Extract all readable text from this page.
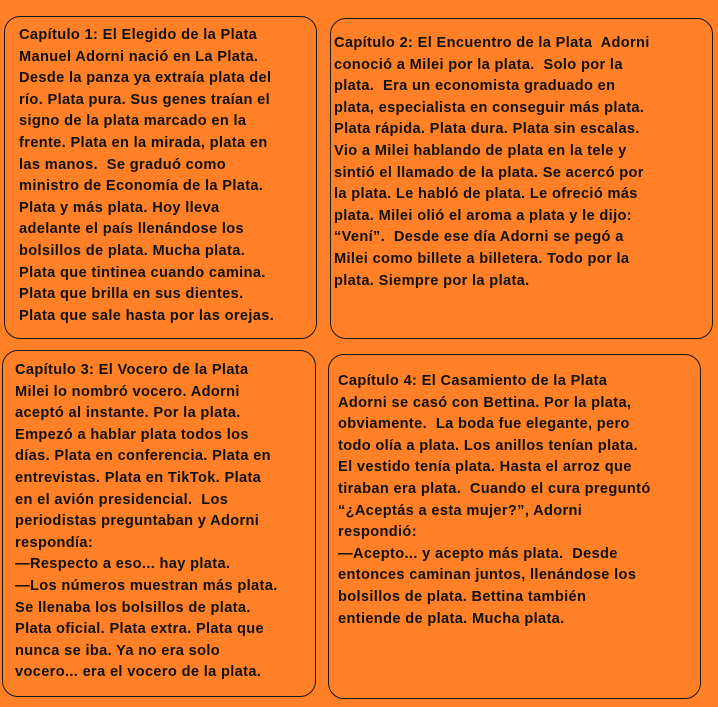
Capítulo 1: El Elegido de la Plata
Manuel Adorni nació en La Plata.
Desde la panza ya extraía plata del
río. Plata pura. Sus genes traían el
signo de la plata marcado en la
frente. Plata en la mirada, plata en
las manos.  Se graduó como
ministro de Economía de la Plata.
Plata y más plata. Hoy lleva
adelante el país llenándose los
bolsillos de plata. Mucha plata.
Plata que tintinea cuando camina.
Plata que brilla en sus dientes.
Plata que sale hasta por las orejas.
Capítulo 2: El Encuentro de la Plata  Adorni
conoció a Milei por la plata.  Solo por la
plata.  Era un economista graduado en
plata, especialista en conseguir más plata.
Plata rápida. Plata dura. Plata sin escalas.
Vio a Milei hablando de plata en la tele y
sintió el llamado de la plata. Se acercó por
la plata. Le habló de plata. Le ofreció más
plata. Milei olió el aroma a plata y le dijo:
“Vení”.  Desde ese día Adorni se pegó a
Milei como billete a billetera. Todo por la
plata. Siempre por la plata.
Capítulo 3: El Vocero de la Plata
Milei lo nombró vocero. Adorni
aceptó al instante. Por la plata.
Empezó a hablar plata todos los
días. Plata en conferencia. Plata en
entrevistas. Plata en TikTok. Plata
en el avión presidencial.  Los
periodistas preguntaban y Adorni
respondía:
—Respecto a eso... hay plata.
—Los números muestran más plata.
Se llenaba los bolsillos de plata.
Plata oficial. Plata extra. Plata que
nunca se iba. Ya no era solo
vocero... era el vocero de la plata.
Capítulo 4: El Casamiento de la Plata
Adorni se casó con Bettina. Por la plata,
obviamente.  La boda fue elegante, pero
todo olía a plata. Los anillos tenían plata.
El vestido tenía plata. Hasta el arroz que
tiraban era plata.  Cuando el cura preguntó
“¿Aceptás a esta mujer?”, Adorni
respondió:
—Acepto... y acepto más plata.  Desde
entonces caminan juntos, llenándose los
bolsillos de plata. Bettina también
entiende de plata. Mucha plata.
